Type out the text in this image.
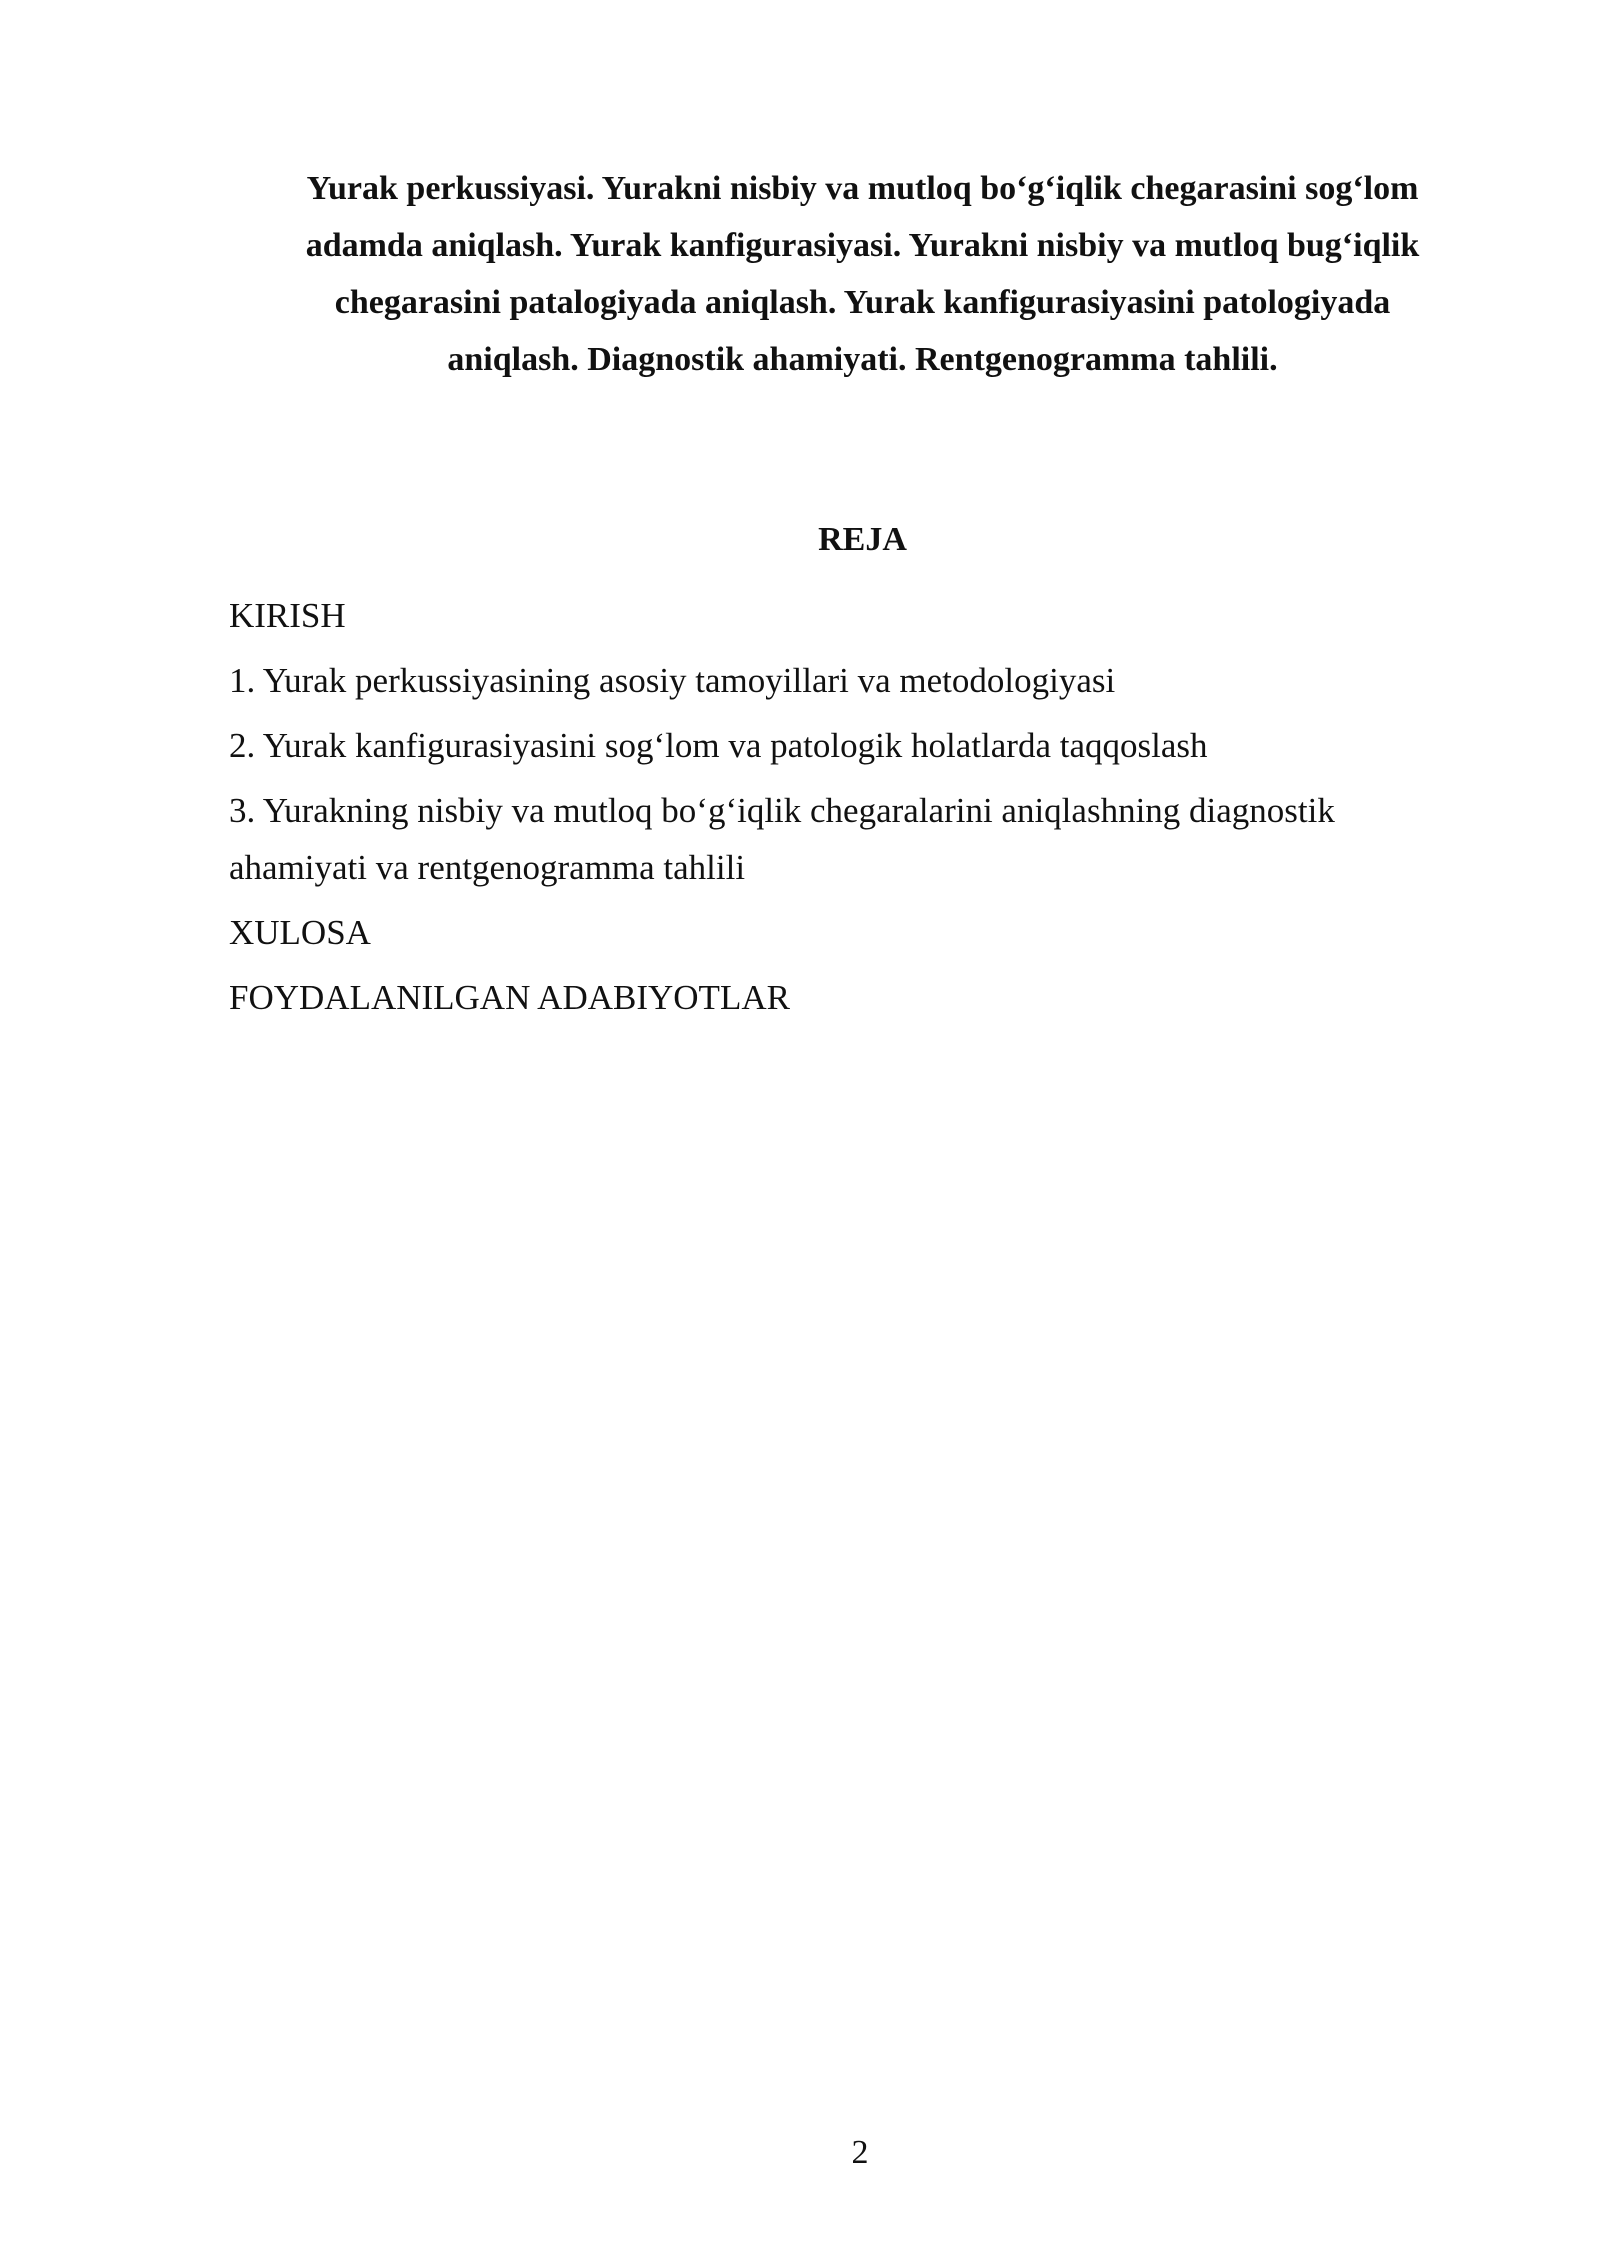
Yurak perkussiyasi. Yurakni nisbiy va mutloq bo‘g‘iqlik chegarasini sog‘lom
adamda aniqlash. Yurak kanfigurasiyasi. Yurakni nisbiy va mutloq bug‘iqlik
chegarasini patalogiyada aniqlash. Yurak kanfigurasiyasini patologiyada
aniqlash. Diagnostik ahamiyati. Rentgenogramma tahlili.
REJA
KIRISH
1. Yurak perkussiyasining asosiy tamoyillari va metodologiyasi
2. Yurak kanfigurasiyasini sog‘lom va patologik holatlarda taqqoslash
3. Yurakning nisbiy va mutloq bo‘g‘iqlik chegaralarini aniqlashning diagnostik
ahamiyati va rentgenogramma tahlili
XULOSA
FOYDALANILGAN ADABIYOTLAR

2
